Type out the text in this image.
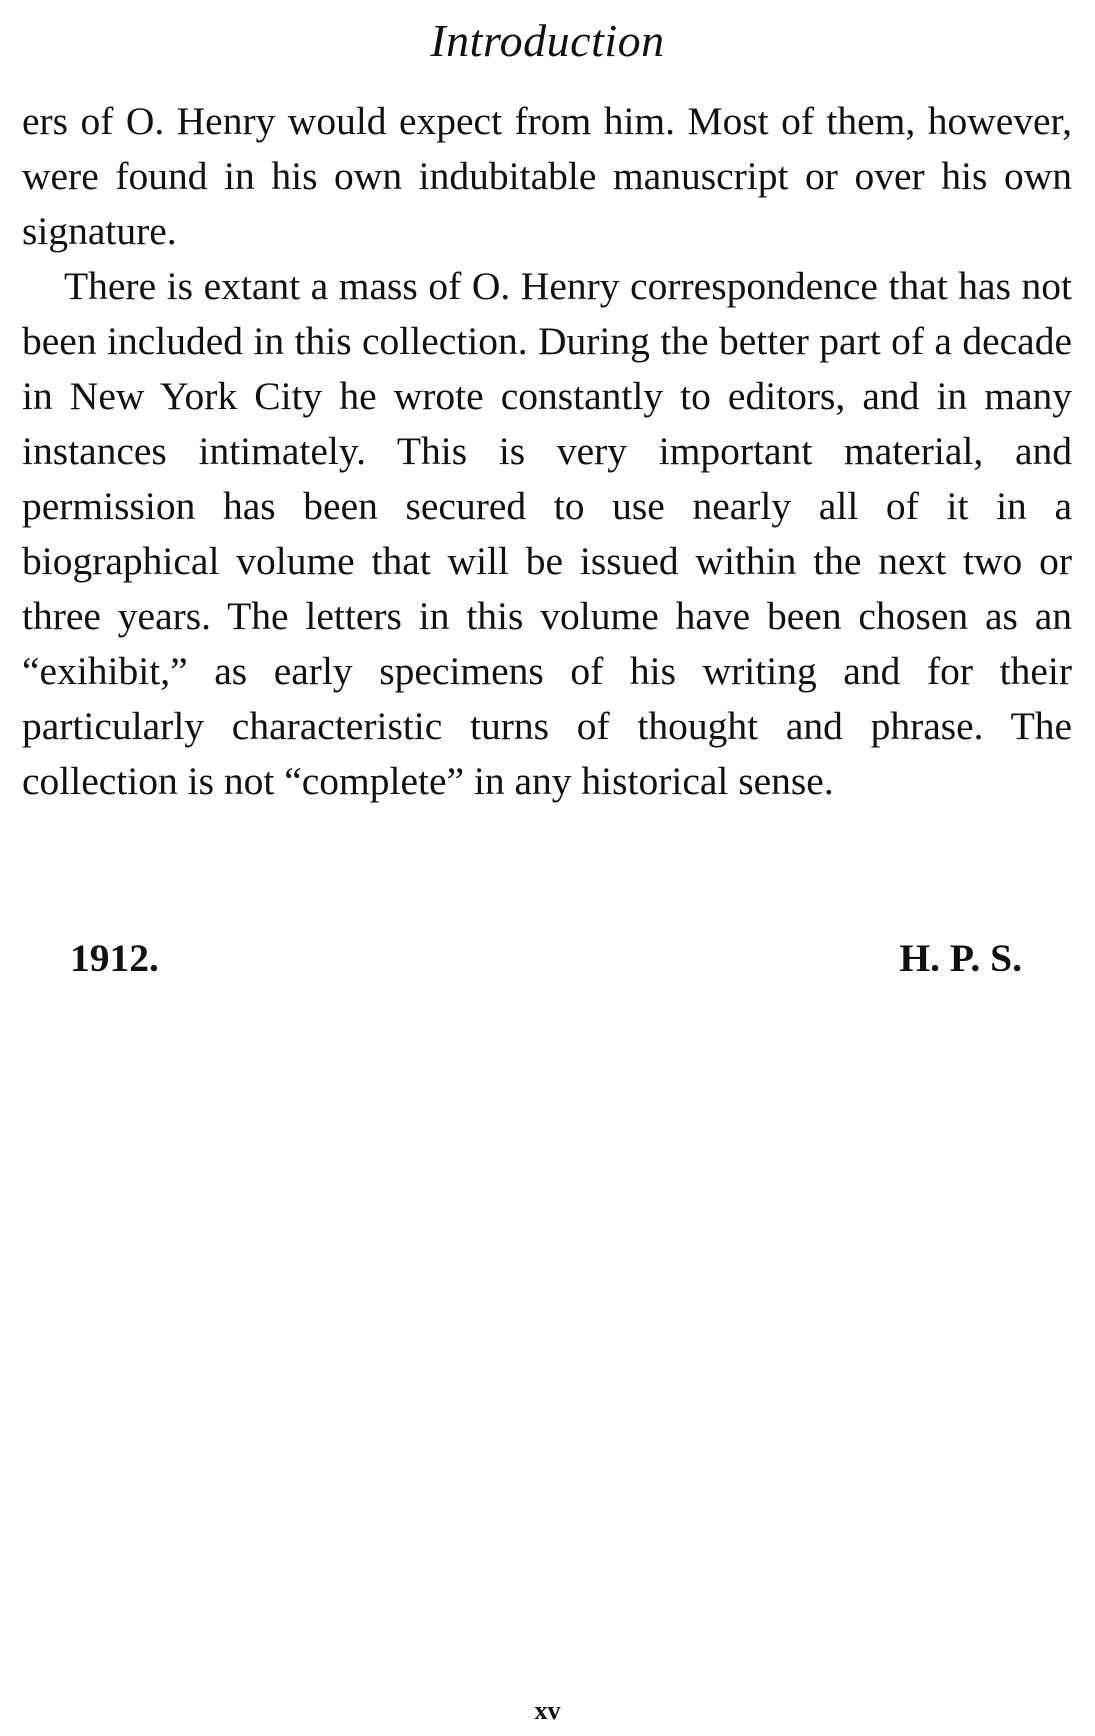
Introduction

ers of O. Henry would expect from him. Most of them, however, were found in his own indubitable manuscript or over his own signature.

There is extant a mass of O. Henry correspondence that has not been included in this collection. During the better part of a decade in New York City he wrote constantly to editors, and in many instances intimately. This is very important material, and permission has been secured to use nearly all of it in a biographical volume that will be issued within the next two or three years. The letters in this volume have been chosen as an “exihibit,” as early specimens of his writing and for their particularly characteristic turns of thought and phrase. The collection is not “complete” in any historical sense.

1912.	H. P. S.
xv
